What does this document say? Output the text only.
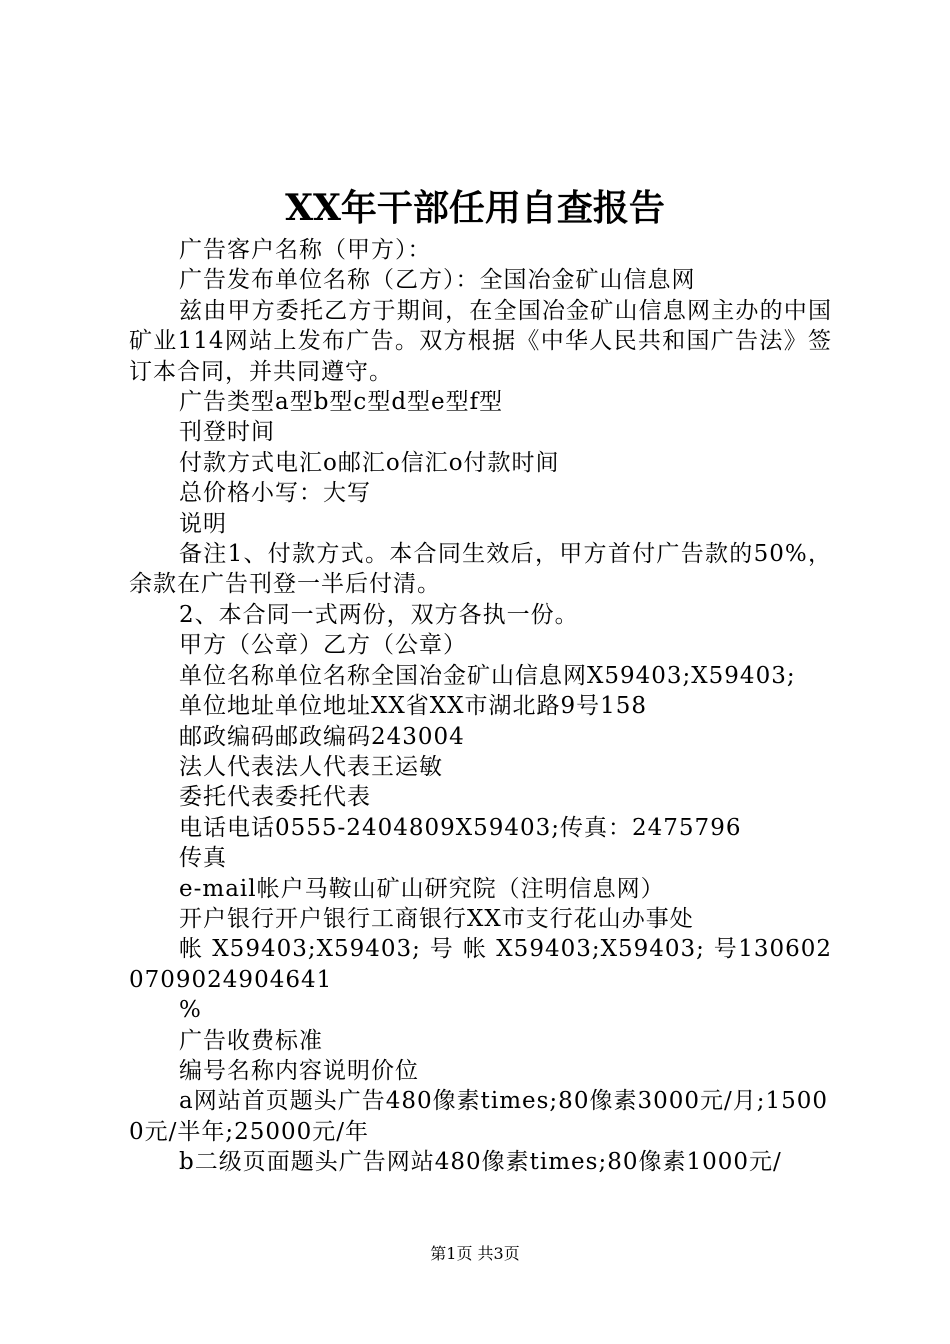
XX年干部任用自查报告

广告客户名称（甲方）：

广告发布单位名称（乙方）：全国冶金矿山信息网

兹由甲方委托乙方于期间，在全国冶金矿山信息网主办的中国矿业114网站上发布广告。双方根据《中华人民共和国广告法》签订本合同，并共同遵守。

广告类型a型b型c型d型e型f型

刊登时间

付款方式电汇o邮汇o信汇o付款时间

总价格小写：大写

说明

备注1、付款方式。本合同生效后，甲方首付广告款的50%，余款在广告刊登一半后付清。

2、本合同一式两份，双方各执一份。

甲方（公章）乙方（公章）

单位名称单位名称全国冶金矿山信息网X59403;X59403;

单位地址单位地址XX省XX市湖北路9号158

邮政编码邮政编码243004

法人代表法人代表王运敏

委托代表委托代表

电话电话0555-2404809X59403;传真：2475796

传真

e-mail帐户马鞍山矿山研究院（注明信息网）

开户银行开户银行工商银行XX市支行花山办事处

帐 X59403;X59403; 号 帐 X59403;X59403; 号1306020709024904641

%

广告收费标准

编号名称内容说明价位

a网站首页题头广告480像素times;80像素3000元/月;15000元/半年;25000元/年

b二级页面题头广告网站480像素times;80像素1000元/

第1页 共3页
